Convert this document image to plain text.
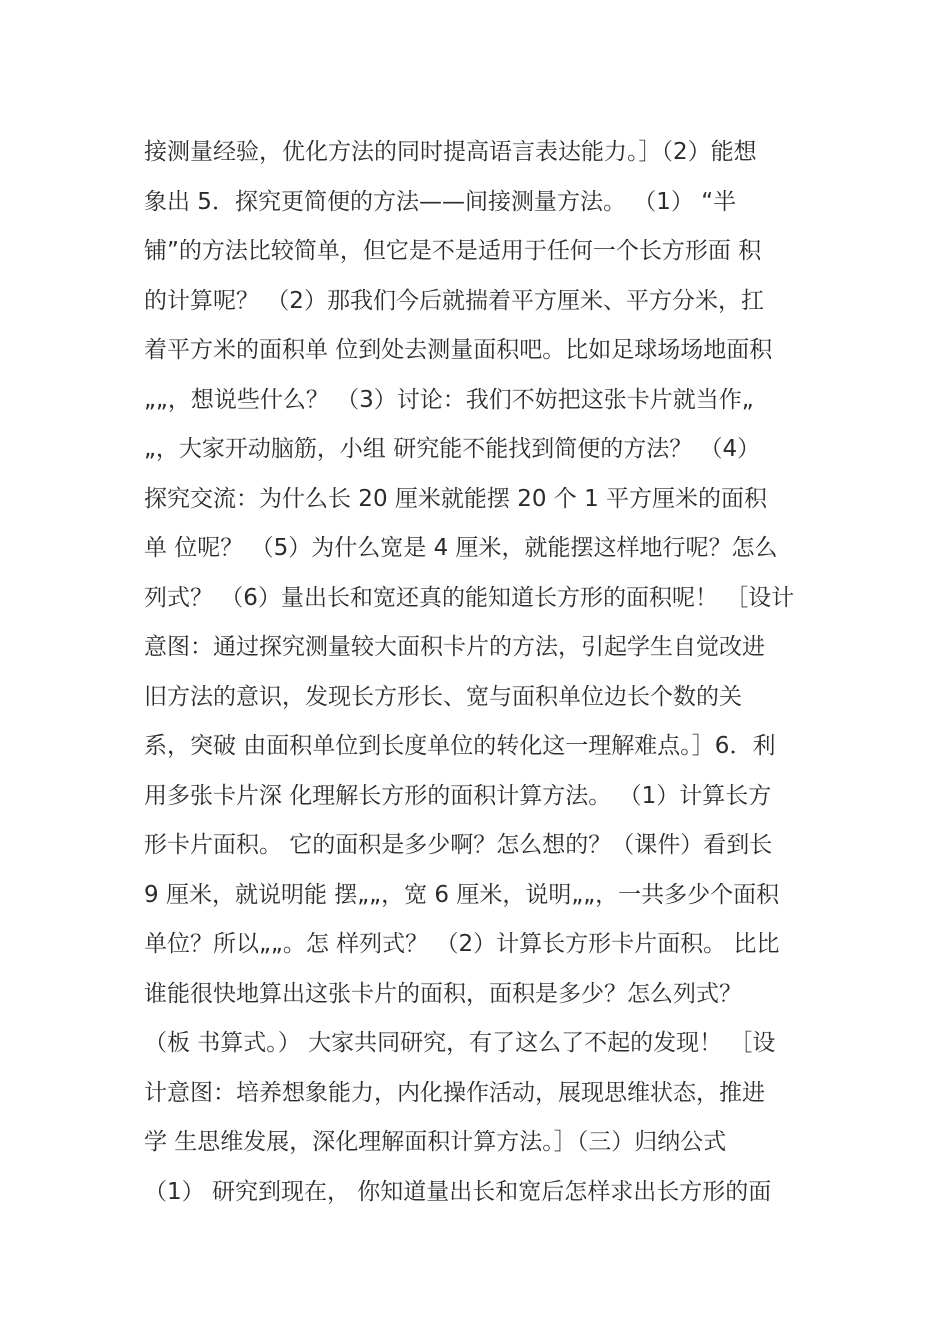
接测量经验，优化方法的同时提高语言表达能力。］（2）能想
象出 5．探究更简便的方法——间接测量方法。 （1） “半
铺”的方法比较简单，但它是不是适用于任何一个长方形面 积
的计算呢？ （2）那我们今后就揣着平方厘米、平方分米，扛
着平方米的面积单 位到处去测量面积吧。比如足球场场地面积
„„，想说些什么？ （3）讨论：我们不妨把这张卡片就当作„
„，大家开动脑筋，小组 研究能不能找到简便的方法？ （4）
探究交流：为什么长 20 厘米就能摆 20 个 1 平方厘米的面积
单 位呢？ （5）为什么宽是 4 厘米，就能摆这样地行呢？怎么
列式？ （6）量出长和宽还真的能知道长方形的面积呢！ ［设计
意图：通过探究测量较大面积卡片的方法，引起学生自觉改进
旧方法的意识，发现长方形长、宽与面积单位边长个数的关
系，突破 由面积单位到长度单位的转化这一理解难点。］6．利
用多张卡片深 化理解长方形的面积计算方法。 （1）计算长方
形卡片面积。 它的面积是多少啊？怎么想的？（课件）看到长
9 厘米，就说明能 摆„„，宽 6 厘米，说明„„，一共多少个面积
单位？所以„„。怎 样列式？ （2）计算长方形卡片面积。 比比
谁能很快地算出这张卡片的面积，面积是多少？怎么列式？
（板 书算式。） 大家共同研究，有了这么了不起的发现！ ［设
计意图：培养想象能力，内化操作活动，展现思维状态，推进
学 生思维发展，深化理解面积计算方法。］（三）归纳公式
（1） 研究到现在， 你知道量出长和宽后怎样求出长方形的面
